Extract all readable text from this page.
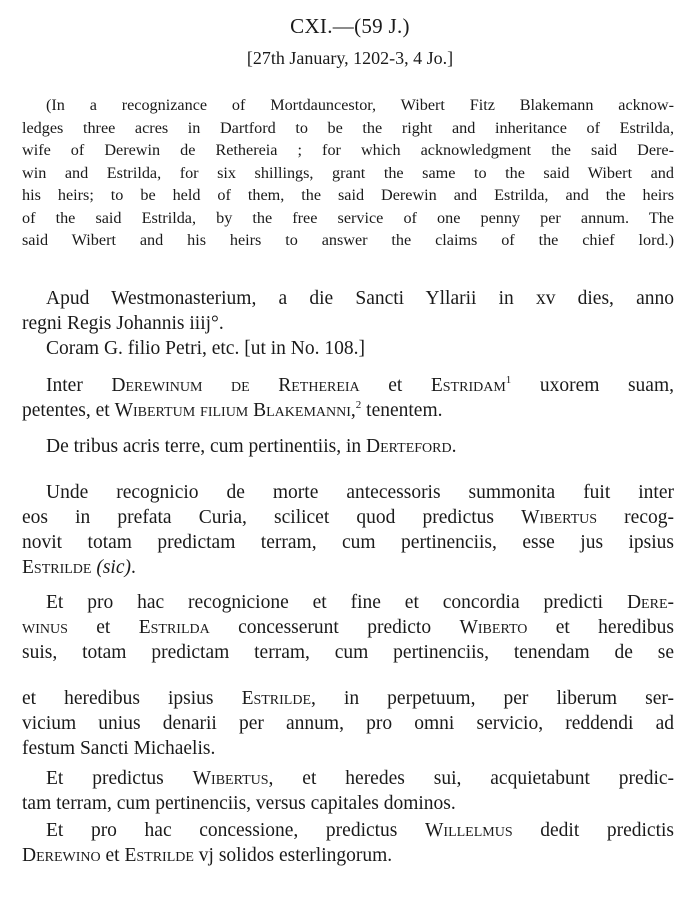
CXI.—(59 J.)
[27th January, 1202-3, 4 Jo.]
(In a recognizance of Mortdauncestor, Wibert Fitz Blakemann acknow-
ledges three acres in Dartford to be the right and inheritance of Estrilda,
wife of Derewin de Rethereia ; for which acknowledgment the said Dere-
win and Estrilda, for six shillings, grant the same to the said Wibert and
his heirs; to be held of them, the said Derewin and Estrilda, and the heirs
of the said Estrilda, by the free service of one penny per annum. The
said Wibert and his heirs to answer the claims of the chief lord.)
Apud Westmonasterium, a die Sancti Yllarii in xv dies, anno
regni Regis Johannis iiij°.
Coram G. filio Petri, etc. [ut in No. 108.]
Inter Derewinum de Rethereia et Estridam$^1$ uxorem suam,
petentes, et Wibertum filium Blakemanni,$^2$ tenentem.
De tribus acris terre, cum pertinentiis, in Derteford.
Unde recognicio de morte antecessoris summonita fuit inter
eos in prefata Curia, scilicet quod predictus Wibertus recog-
novit totam predictam terram, cum pertinenciis, esse jus ipsius
Estrilde (sic).
Et pro hac recognicione et fine et concordia predicti Dere-
winus et Estrilda concesserunt predicto Wiberto et heredibus
suis, totam predictam terram, cum pertinenciis, tenendam de se
et heredibus ipsius Estrilde, in perpetuum, per liberum ser-
vicium unius denarii per annum, pro omni servicio, reddendi ad
festum Sancti Michaelis.
Et predictus Wibertus, et heredes sui, acquietabunt predic-
tam terram, cum pertinenciis, versus capitales dominos.
Et pro hac concessione, predictus Willelmus dedit predictis
Derewino et Estrilde vj solidos esterlingorum.
